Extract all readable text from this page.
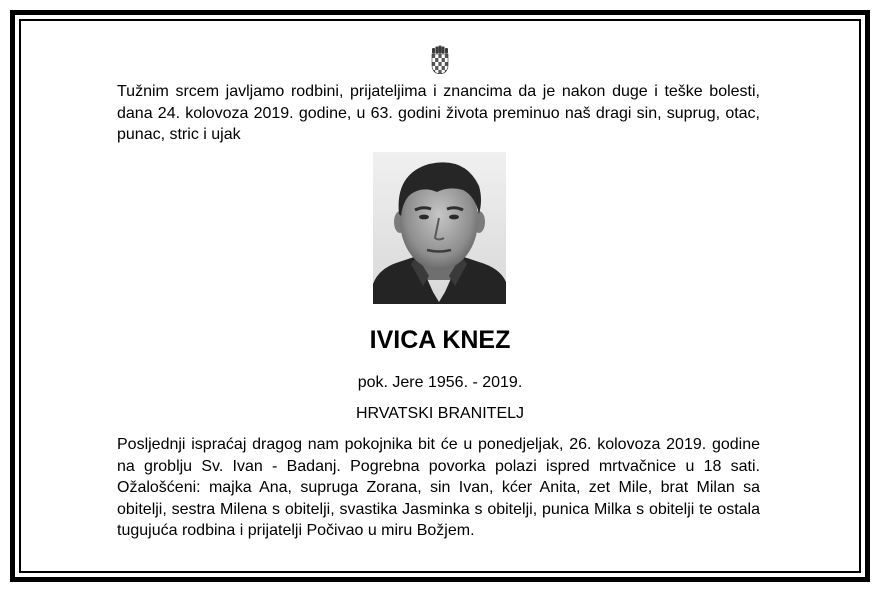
Tužnim srcem javljamo rodbini, prijateljima i znancima da je nakon duge i teške bolesti,
dana 24. kolovoza 2019. godine, u 63. godini života preminuo naš dragi sin, suprug, otac,
punac, stric i ujak
IVICA KNEZ
pok. Jere 1956. - 2019.
HRVATSKI BRANITELJ
Posljednji ispraćaj dragog nam pokojnika bit će u ponedjeljak, 26. kolovoza 2019. godine
na groblju Sv. Ivan - Badanj. Pogrebna povorka polazi ispred mrtvačnice u 18 sati.
Ožalošćeni: majka Ana, supruga Zorana, sin Ivan, kćer Anita, zet Mile, brat Milan sa
obitelji, sestra Milena s obitelji, svastika Jasminka s obitelji, punica Milka s obitelji te ostala
tugujuća rodbina i prijatelji Počivao u miru Božjem.
